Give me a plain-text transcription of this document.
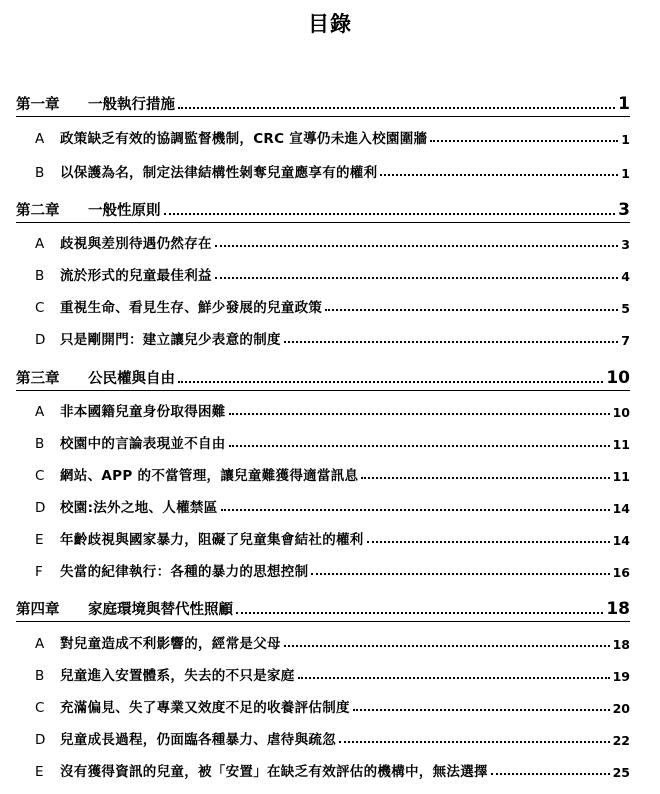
目錄
第一章	一般執行措施	1
A	政策缺乏有效的協調監督機制，CRC 宣導仍未進入校園圍牆	1
B	以保護為名，制定法律結構性剝奪兒童應享有的權利	1
第二章	一般性原則	3
A	歧視與差別待遇仍然存在	3
B	流於形式的兒童最佳利益	4
C	重視生命、看見生存、鮮少發展的兒童政策	5
D	只是剛開門：建立讓兒少表意的制度	7
第三章	公民權與自由	10
A	非本國籍兒童身份取得困難	10
B	校園中的言論表現並不自由	11
C	網站、APP 的不當管理，讓兒童難獲得適當訊息	11
D	校園:法外之地、人權禁區	14
E	年齡歧視與國家暴力，阻礙了兒童集會結社的權利	14
F	失當的紀律執行：各種的暴力的思想控制	16
第四章	家庭環境與替代性照顧	18
A	對兒童造成不利影響的，經常是父母	18
B	兒童進入安置體系，失去的不只是家庭	19
C	充滿偏見、失了專業又效度不足的收養評估制度	20
D	兒童成長過程，仍面臨各種暴力、虐待與疏忽	22
E	沒有獲得資訊的兒童，被「安置」在缺乏有效評估的機構中，無法選擇	25
